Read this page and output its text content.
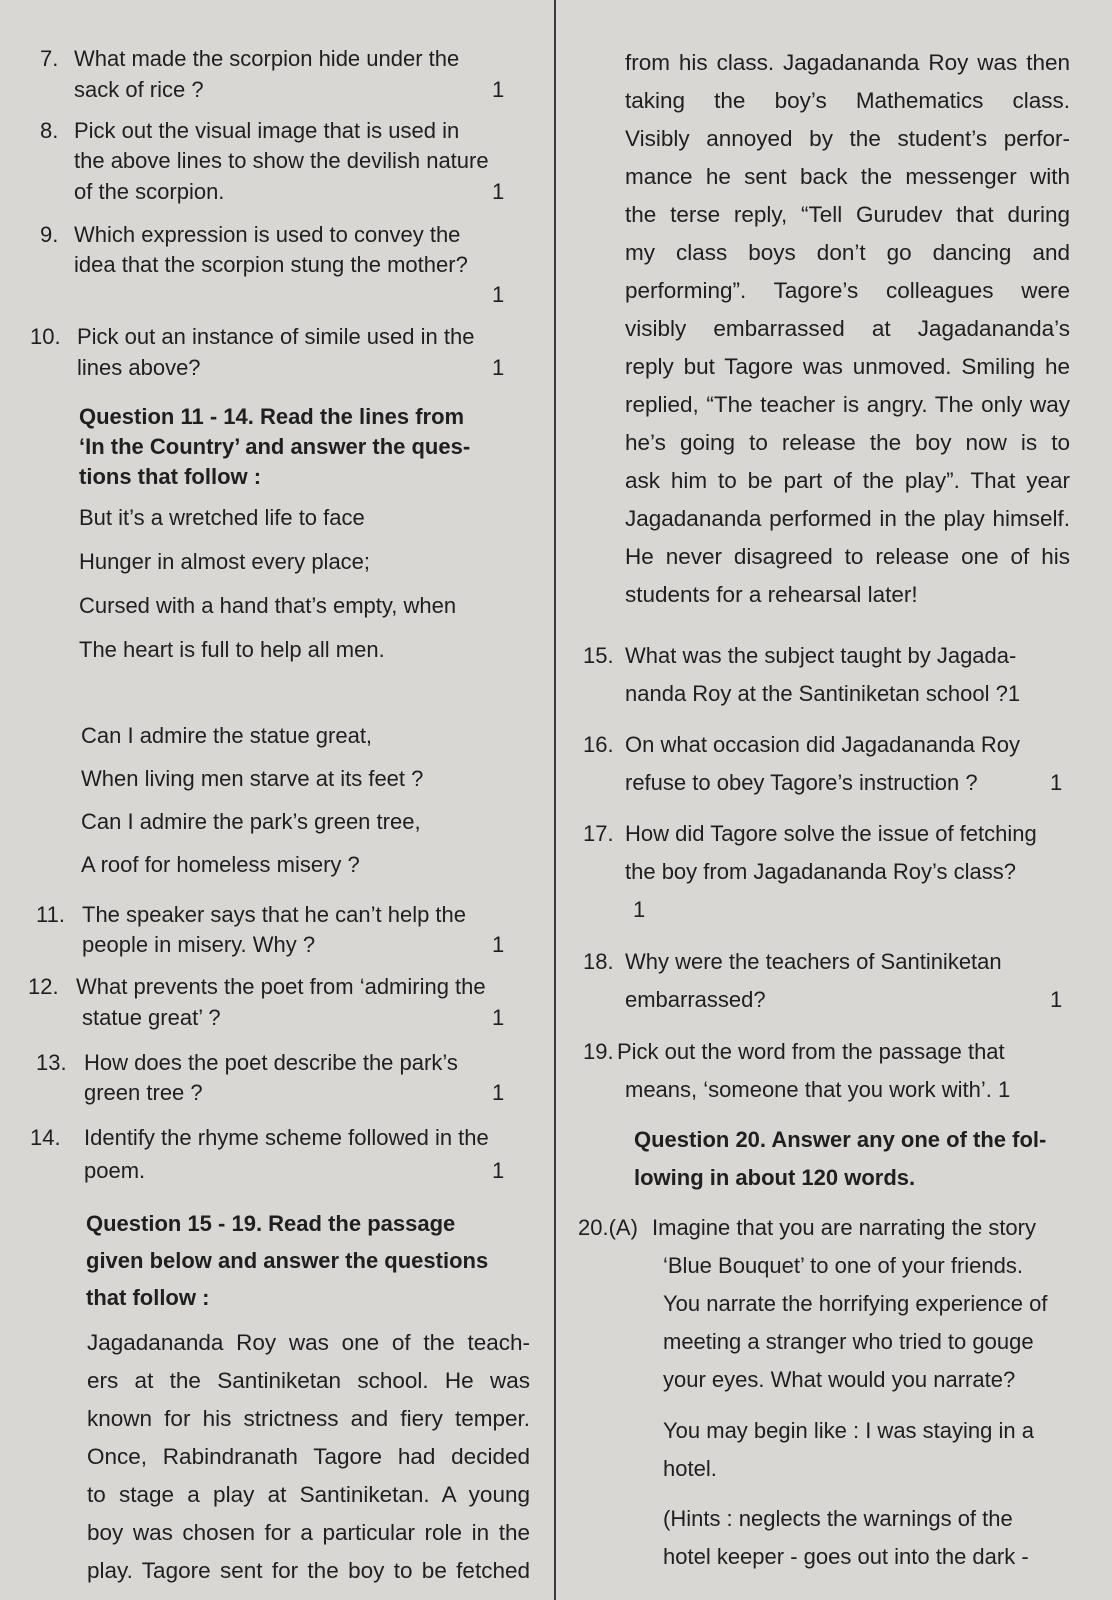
7. What made the scorpion hide under the
sack of rice ?	1
8. Pick out the visual image that is used in
the above lines to show the devilish nature
of the scorpion.	1
9. Which expression is used to convey the
idea that the scorpion stung the mother?
1
10. Pick out an instance of simile used in the
lines above?	1
Question 11 - 14. Read the lines from
‘In the Country’ and answer the ques-
tions that follow :
But it’s a wretched life to face
Hunger in almost every place;
Cursed with a hand that’s empty, when
The heart is full to help all men.
Can I admire the statue great,
When living men starve at its feet ?
Can I admire the park’s green tree,
A roof for homeless misery ?
11. The speaker says that he can’t help the
people in misery. Why ?	1
12. What prevents the poet from ‘admiring the
statue great’ ?	1
13. How does the poet describe the park’s
green tree ?	1
14. Identify the rhyme scheme followed in the
poem.	1
Question 15 - 19. Read the passage
given below and answer the questions
that follow :
Jagadananda Roy was one of the teach-
ers at the Santiniketan school. He was
known for his strictness and fiery temper.
Once, Rabindranath Tagore had decided
to stage a play at Santiniketan. A young
boy was chosen for a particular role in the
play. Tagore sent for the boy to be fetched
from his class. Jagadananda Roy was then
taking the boy’s Mathematics class.
Visibly annoyed by the student’s perfor-
mance he sent back the messenger with
the terse reply, “Tell Gurudev that during
my class boys don’t go dancing and
performing”. Tagore’s colleagues were
visibly embarrassed at Jagadananda’s
reply but Tagore was unmoved. Smiling he
replied, “The teacher is angry. The only way
he’s going to release the boy now is to
ask him to be part of the play”. That year
Jagadananda performed in the play himself.
He never disagreed to release one of his
students for a rehearsal later!
15. What was the subject taught by Jagada-
nanda Roy at the Santiniketan school ?1
16. On what occasion did Jagadananda Roy
refuse to obey Tagore’s instruction ?	1
17. How did Tagore solve the issue of fetching
the boy from Jagadananda Roy’s class?
1
18. Why were the teachers of Santiniketan
embarrassed?	1
19. Pick out the word from the passage that
means, ‘someone that you work with’. 1
Question 20. Answer any one of the fol-
lowing in about 120 words.
20.(A) Imagine that you are narrating the story
‘Blue Bouquet’ to one of your friends.
You narrate the horrifying experience of
meeting a stranger who tried to gouge
your eyes. What would you narrate?
You may begin like : I was staying in a
hotel.
(Hints : neglects the warnings of the
hotel keeper - goes out into the dark -
